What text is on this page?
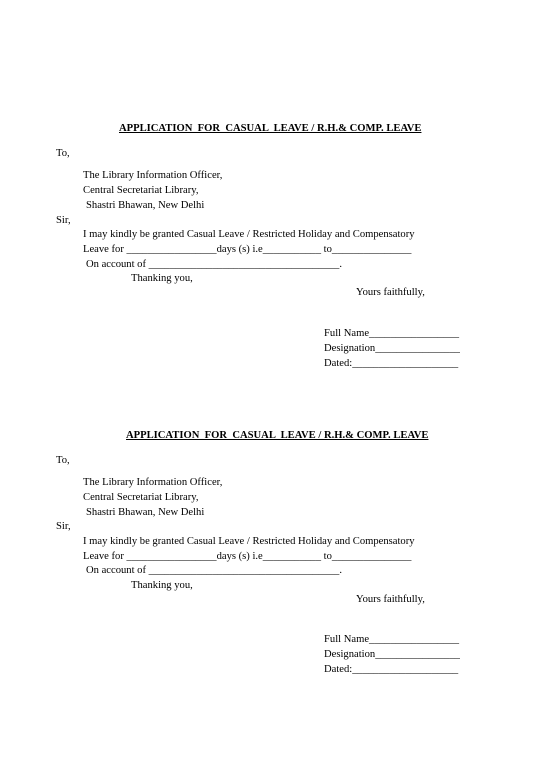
APPLICATION  FOR  CASUAL  LEAVE / R.H.& COMP. LEAVE
To,
The Library Information Officer,
Central Secretariat Library,
Shastri Bhawan, New Delhi
Sir,
I may kindly be granted Casual Leave / Restricted Holiday and Compensatory
Leave for _________________days (s) i.e___________ to_______________
On account of ____________________________________.
Thanking you,
Yours faithfully,
Full Name_________________
Designation________________
Dated:____________________
APPLICATION  FOR  CASUAL  LEAVE / R.H.& COMP. LEAVE
To,
The Library Information Officer,
Central Secretariat Library,
Shastri Bhawan, New Delhi
Sir,
I may kindly be granted Casual Leave / Restricted Holiday and Compensatory
Leave for _________________days (s) i.e___________ to_______________
On account of ____________________________________.
Thanking you,
Yours faithfully,
Full Name_________________
Designation________________
Dated:____________________
